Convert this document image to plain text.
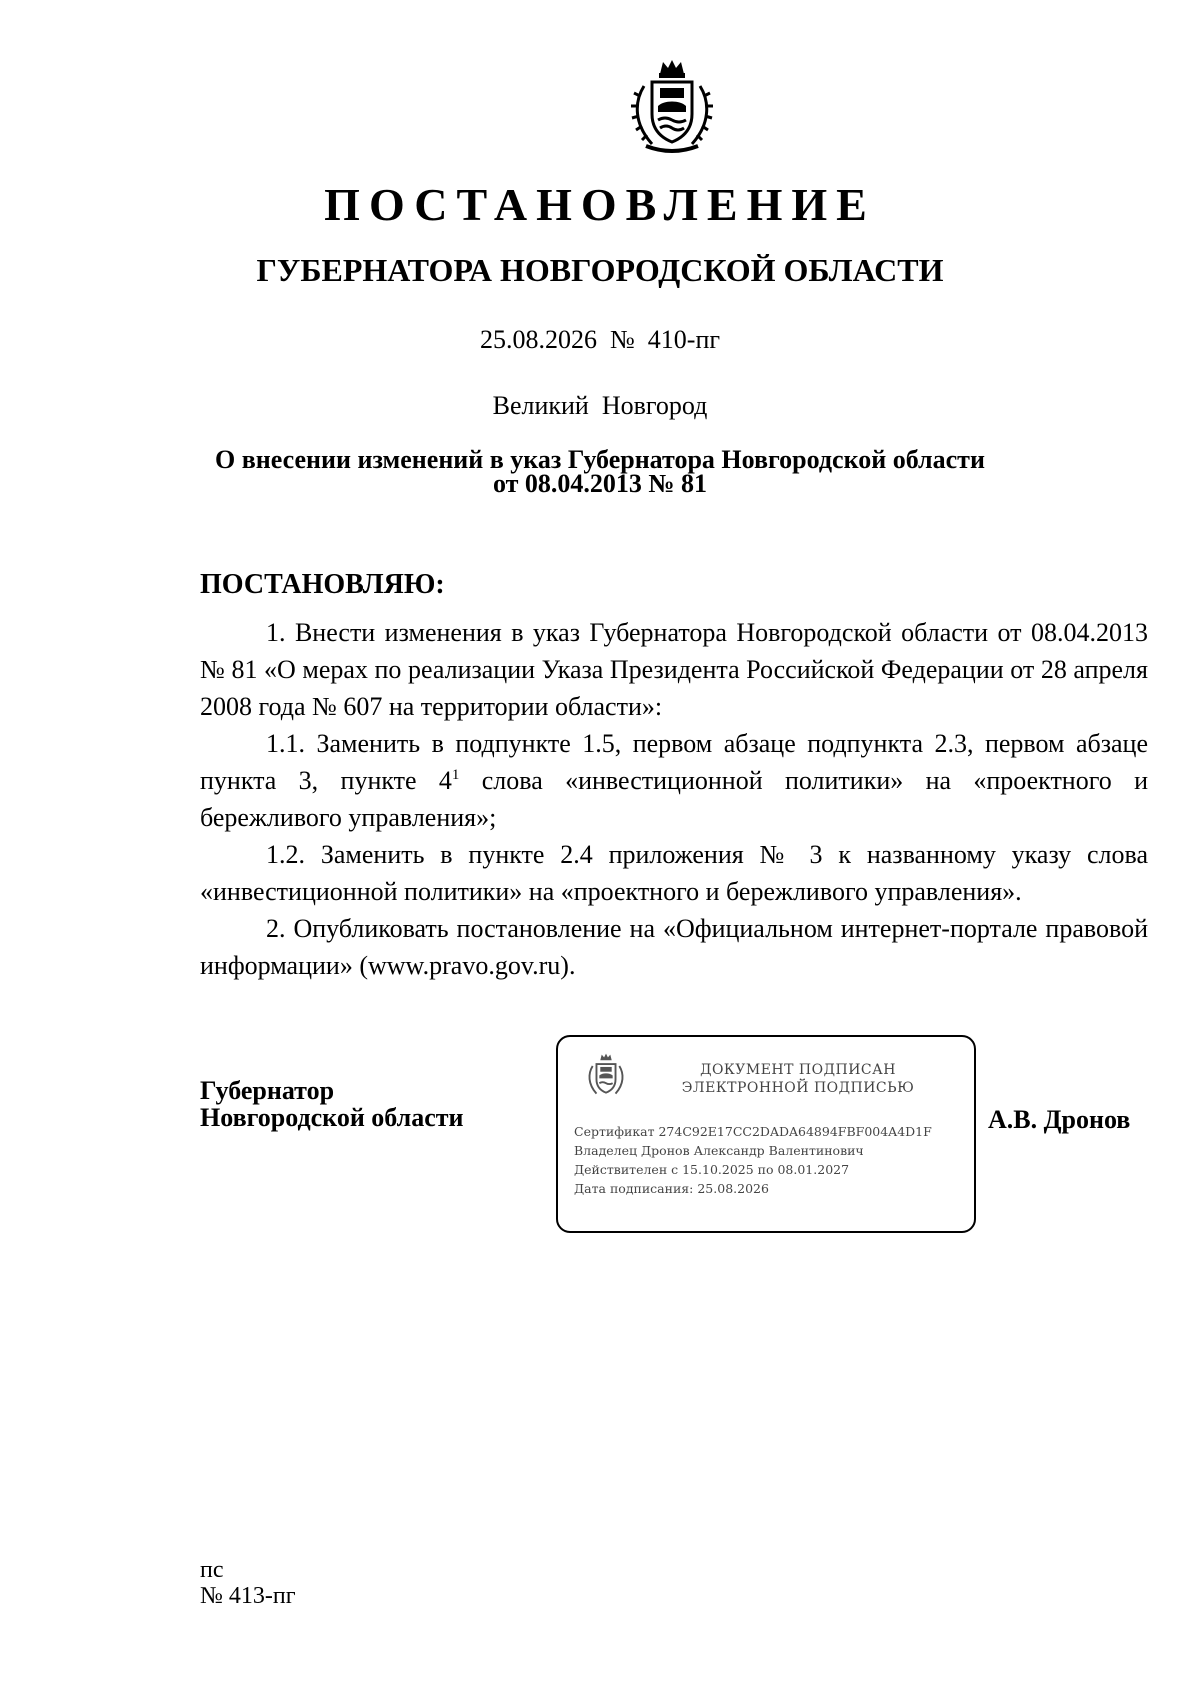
ПОСТАНОВЛЕНИЕ
ГУБЕРНАТОРА НОВГОРОДСКОЙ ОБЛАСТИ
25.08.2026 № 410-пг
Великий  Новгород
О внесении изменений в указ Губернатора Новгородской области
от 08.04.2013 № 81
ПОСТАНОВЛЯЮ:

1. Внести изменения в указ Губернатора Новгородской области от 08.04.2013 № 81 «О мерах по реализации Указа Президента Российской Федерации от 28 апреля 2008 года № 607 на территории области»:

1.1. Заменить в подпункте 1.5, первом абзаце подпункта 2.3, первом абзаце пункта 3, пункте $4^1$ слова «инвестиционной политики» на «проектного и бережливого управления»;

1.2. Заменить в пункте 2.4 приложения № 3 к названному указу слова «инвестиционной политики» на «проектного и бережливого управления».

2. Опубликовать постановление на «Официальном интернет-портале правовой информации» (www.pravo.gov.ru).

Губернатор
Новгородской области
ДОКУМЕНТ ПОДПИСАН
ЭЛЕКТРОННОЙ ПОДПИСЬЮ
Сертификат 274C92E17CC2DADA64894FBF004A4D1F
Владелец Дронов Александр Валентинович
Действителен с 15.10.2025 по 08.01.2027
Дата подписания: 25.08.2026
А.В. Дронов
пс
№ 413-пг
